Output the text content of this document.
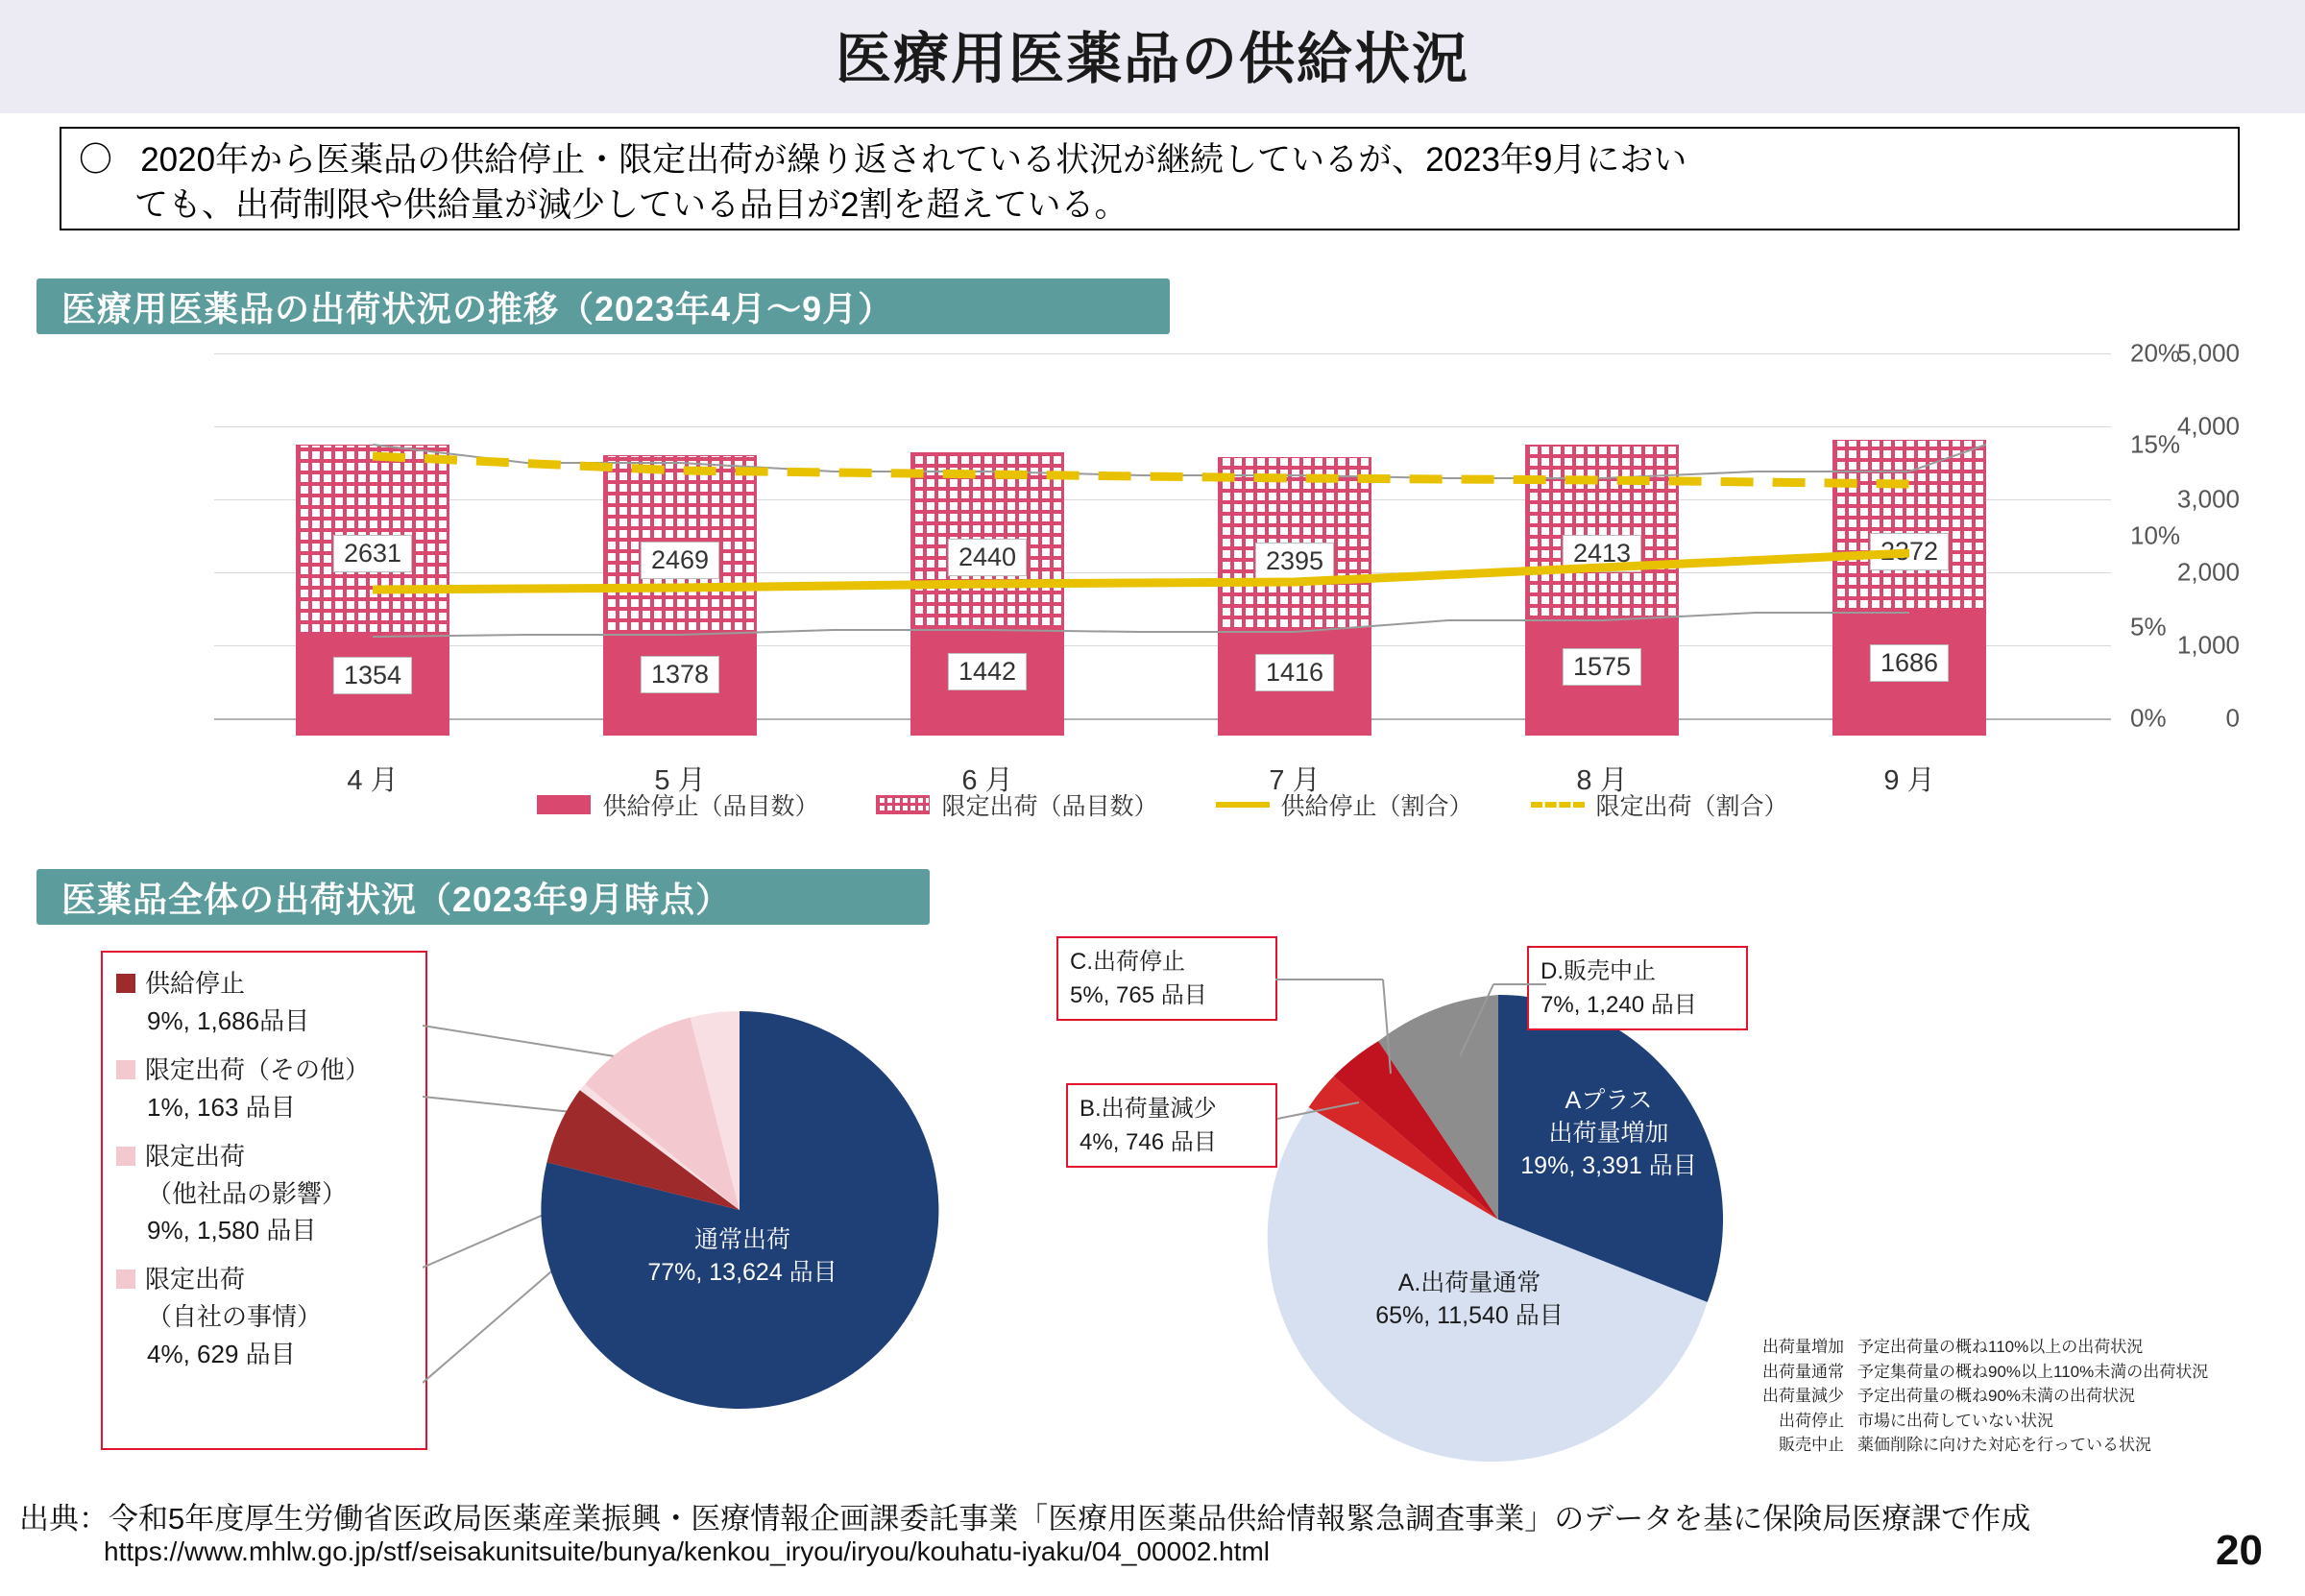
医療用医薬品の供給状況
〇 2020年から医薬品の供給停止・限定出荷が繰り返されている状況が継続しているが、2023年9月におい
ても、出荷制限や供給量が減少している品目が2割を超えている。
医療用医薬品の出荷状況の推移（2023年4月〜9月）
5,000
4,000
3,000
2,000
1,000
0
20%
15%
10%
5%
0%
1354
2631
4 月
1378
2469
5 月
1442
2440
6 月
1416
2395
7 月
1575
2413
8 月
1686
2372
9 月
供給停止（品目数）	限定出荷（品目数）	供給停止（割合）	限定出荷（割合）
医薬品全体の出荷状況（2023年9月時点）
供給停止
9%, 1,686品目
限定出荷（その他）
1%, 163 品目
限定出荷
（他社品の影響）
9%, 1,580 品目
限定出荷
（自社の事情）
4%, 629 品目
通常出荷
77%, 13,624 品目
Aプラス
出荷量増加
19%, 3,391 品目
A.出荷量通常
65%, 11,540 品目
C.出荷停止
5%, 765 品目
D.販売中止
7%, 1,240 品目
B.出荷量減少
4%, 746 品目
出荷量増加 予定出荷量の概ね110%以上の出荷状況
出荷量通常 予定集荷量の概ね90%以上110%未満の出荷状況
出荷量減少 予定出荷量の概ね90%未満の出荷状況
出荷停止 市場に出荷していない状況
販売中止 薬価削除に向けた対応を行っている状況
出典：令和5年度厚生労働省医政局医薬産業振興・医療情報企画課委託事業「医療用医薬品供給情報緊急調査事業」のデータを基に保険局医療課で作成
https://www.mhlw.go.jp/stf/seisakunitsuite/bunya/kenkou_iryou/iryou/kouhatu-iyaku/04_00002.html	20
